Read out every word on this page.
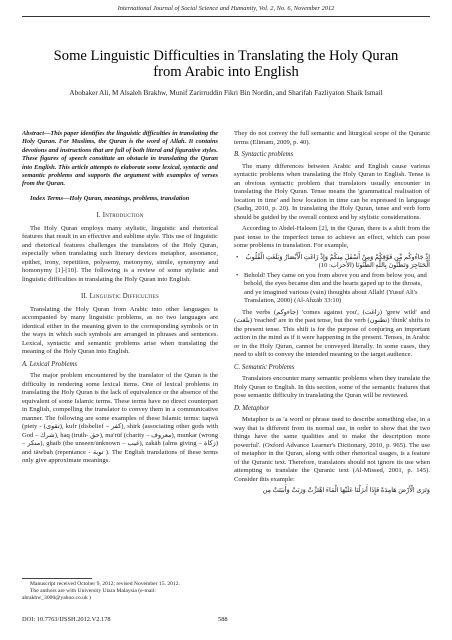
International Journal of Social Science and Humanity, Vol. 2, No. 6, November 2012
Some Linguistic Difficulties in Translating the Holy Quran from Arabic into English
Abobaker Ali, M Alsaleh Brakhw, Munif Zarirruddin Fikri Bin Nordin, and Sharifah Fazliyaton Shaik Ismail

Abstract—This paper identifies the linguistic difficulties in translating the Holy Quran. For Muslims, the Quran is the word of Allah. It contains devotions and instructions that are full of both literal and figurative styles. These figures of speech constitute an obstacle in translating the Quran into English. This article attempts to elaborate some lexical, syntactic and semantic problems and supports the argument with examples of verses from the Quran.

Index Terms—Holy Quran, meanings, problems, translation

I. Introduction

The Holy Quran employs many stylistic, linguistic and rhetorical features that result in an effective and sublime style. This use of linguistic and rhetorical features challenges the translators of the Holy Quran, especially when translating such literary devices metaphor, assonance, epithet, irony, repetition, polysemy, metonymy, simile, synonymy and homonymy [1]-[10]. The following is a review of some stylistic and linguistic difficulties in translating the Holy Quran into English.

II. Linguistic Difficulties

Translating the Holy Quran from Arabic into other languages is accompanied by many linguistic problems, as no two languages are identical either in the meaning given to the corresponding symbols or in the ways in which such symbols are arranged in phrases and sentences. Lexical, syntactic and semantic problems arise when translating the meaning of the Holy Quran into English.

A. Lexical Problems

The major problem encountered by the translator of the Quran is the difficulty in rendering some lexical items. One of lexical problems in translating the Holy Quran is the lack of equivalence or the absence of the equivalent of some Islamic terms. These terms have no direct counterpart in English, compelling the translator to convey them in a communicative manner. The following are some examples of these Islamic terms: taqwā (piety - (تقوى), kufr (disbelief – كفر), shirk (associating other gods with God – شرك), haq (truth- حق), ma'rūf (charity – معروف), munkar (wrong – منكر), ghaib (the unseen/unknown – غيب), zakāh (alms giving – زكاة) and tāwbah (repentance - توبة ). The English translations of these terms only give approximate meanings.

Manuscript received October 9, 2012; revised November 15. 2012.

The authors are with University Utara Malaysia (e-mail: abrakhw_3000@yahoo.co.uk )

They do not convey the full semantic and liturgical scope of the Quranic terms (Elimam, 2009, p. 40).

B. Syntactic problems

The many differences between Arabic and English cause various syntactic problems when translating the Holy Quran to English. Tense is an obvious syntactic problem that translators usually encounter in translating the Holy Quran. Tense means the 'grammatical realisation of location in time' and how location in time can be expressed in language (Sadiq, 2010, p. 20). In translating the Holy Quran, tense and verb form should be guided by the overall context and by stylistic considerations.

According to Abdel-Haleem [2], in the Quran, there is a shift from the past tense to the imperfect tense to achieve an effect, which can pose some problems in translation. For example,

• إِذْ جَاءُوكُم مِّن فَوْقِكُمْ وَمِنْ أَسْفَلَ مِنكُمْ وَإِذْ زَاغَتِ الْأَبْصَارُ وَبَلَغَتِ الْقُلُوبُ الْحَنَاجِرَ وَتَظُنُّونَ بِاللَّهِ الظُّنُونَا (الأحزاب: 10)
• Behold! They came on you from above you and from below you, and behold, the eyes became dim and the hearts gaped up to the throats, and ye imagined various (vain) thoughts about Allah! (Yusuf Ali's Translation, 2000) (Al-Ahzāb 33:10)

The verbs (جاءوكم) 'comes against you', (زاغت) 'grew wild' and (بلغت) 'reached' are in the past tense, but the verb (تظنون) 'think' shifts to the present tense. This shift is for the purpose of conjuring an important action in the mind as if it were happening in the present. Tenses, in Arabic or in the Holy Quran, cannot be conveyed literally. In some cases, they need to shift to convey the intended meaning to the target audience.

C. Semantic Problems

Translators encounter many semantic problems when they translate the Holy Quran to English. In this section, some of the semantic features that pose semantic difficulty in translating the Quran will be reviewed.

D. Metaphor

Metaphor is as 'a word or phrase used to describe something else, in a way that is different from its normal use, in order to show that the two things have the same qualities and to make the description more powerful'. (Oxford Advance Learner's Dictionary, 2010, p. 965). The use of metaphor in the Quran, along with other rhetorical usages, is a feature of the Quranic text. Therefore, translators should not ignore its use when attempting to translate the Quranic text (Al-Mīssed, 2001, p. 145). Consider this example:

وَتَرَى الْأَرْضَ هَامِدَةً فَإِذَا أَنزَلْنَا عَلَيْهَا الْمَاءَ اهْتَزَّتْ وَرَبَتْ وَأَنبَتَتْ مِن

DOI: 10.7763/IJSSH.2012.V2.178	588
